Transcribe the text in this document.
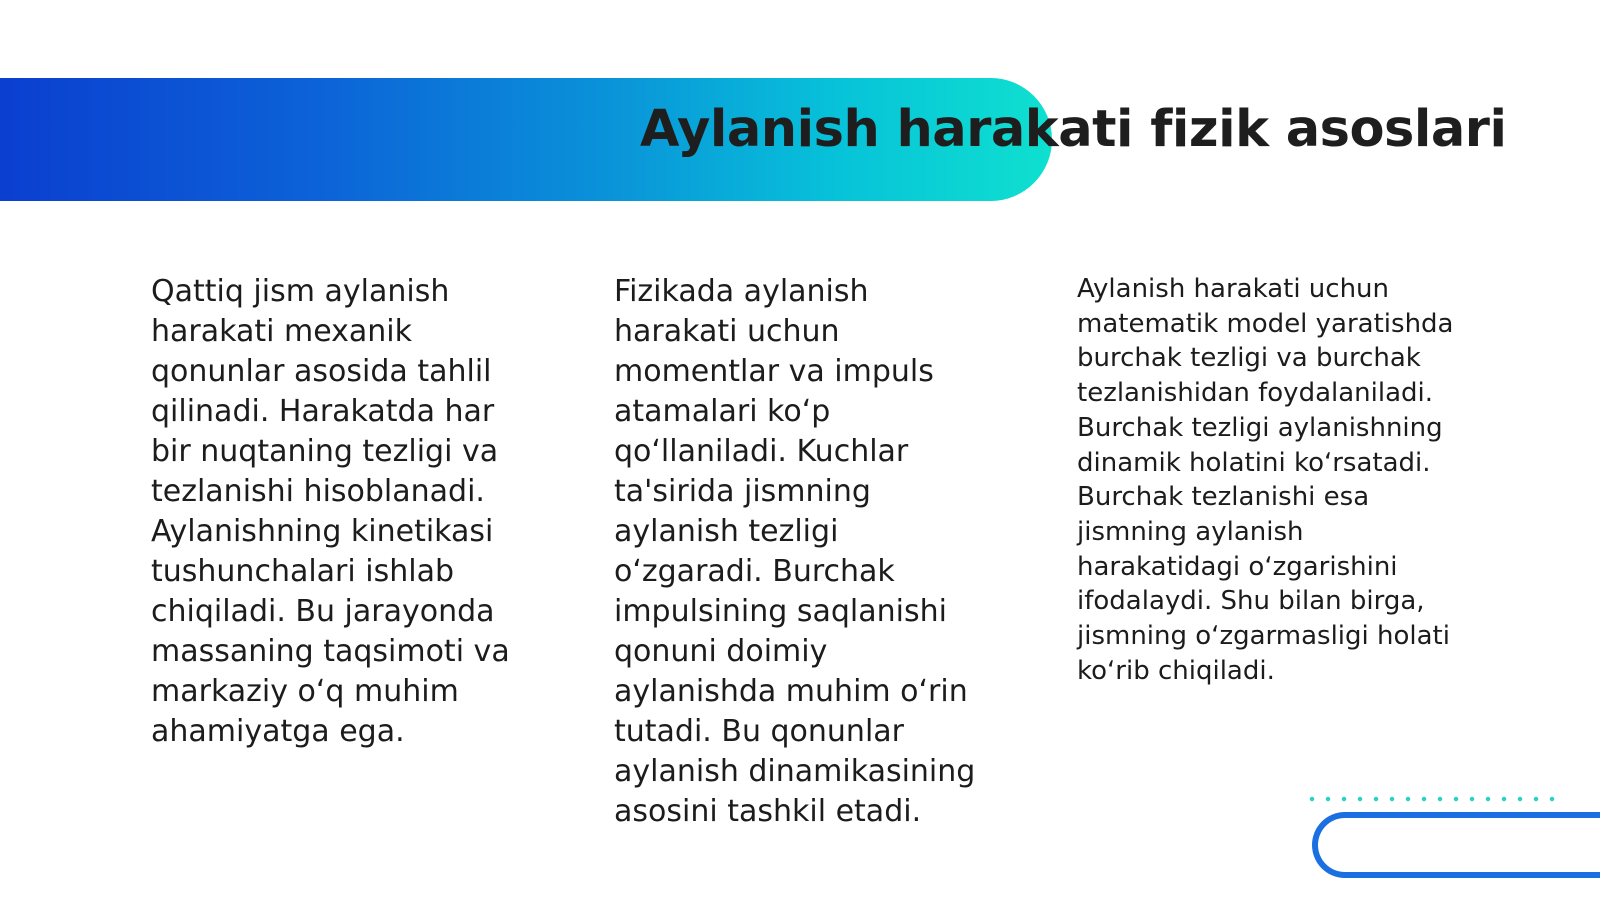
Aylanish harakati fizik asoslari

Qattiq jism aylanish harakati mexanik qonunlar asosida tahlil qilinadi. Harakatda har bir nuqtaning tezligi va tezlanishi hisoblanadi. Aylanishning kinetikasi tushunchalari ishlab chiqiladi. Bu jarayonda massaning taqsimoti va markaziy oʻq muhim ahamiyatga ega.

Fizikada aylanish harakati uchun momentlar va impuls atamalari koʻp qoʻllaniladi. Kuchlar ta'sirida jismning aylanish tezligi oʻzgaradi. Burchak impulsining saqlanishi qonuni doimiy aylanishda muhim oʻrin tutadi. Bu qonunlar aylanish dinamikasining asosini tashkil etadi.

Aylanish harakati uchun matematik model yaratishda burchak tezligi va burchak tezlanishidan foydalaniladi. Burchak tezligi aylanishning dinamik holatini koʻrsatadi. Burchak tezlanishi esa jismning aylanish harakatidagi oʻzgarishini ifodalaydi. Shu bilan birga, jismning oʻzgarmasligi holati koʻrib chiqiladi.
